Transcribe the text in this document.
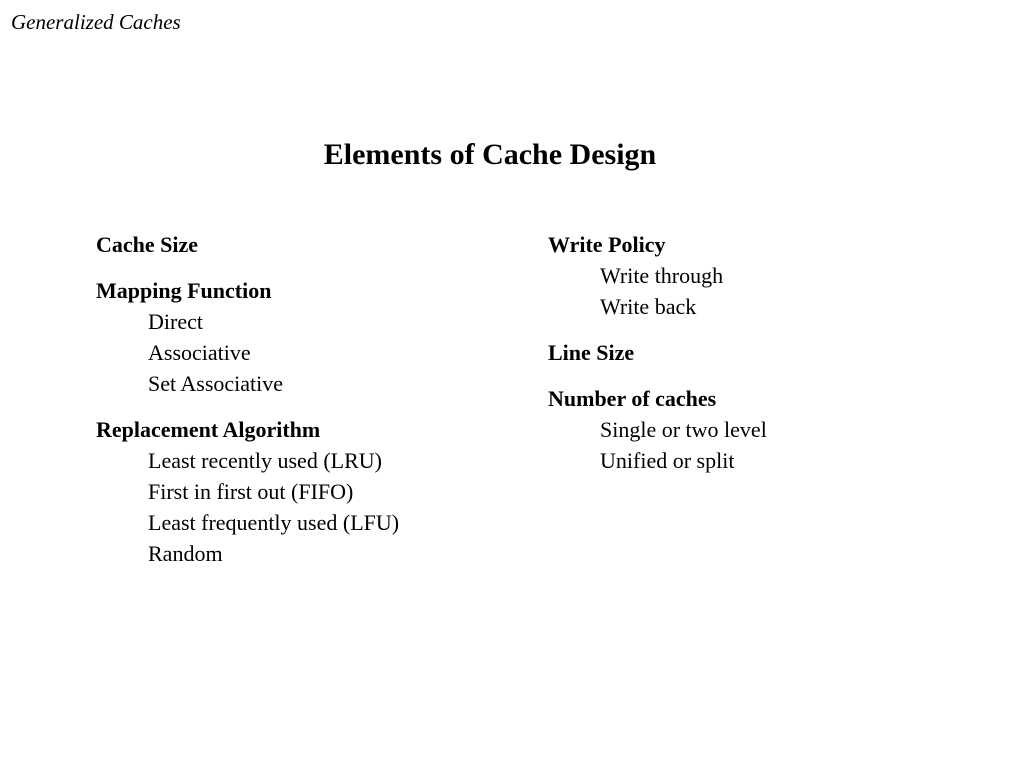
Generalized Caches
Elements of Cache Design
Cache Size
Mapping Function
Direct
Associative
Set Associative
Replacement Algorithm
Least recently used (LRU)
First in first out (FIFO)
Least frequently used (LFU)
Random
Write Policy
Write through
Write back
Line Size
Number of caches
Single or two level
Unified or split
